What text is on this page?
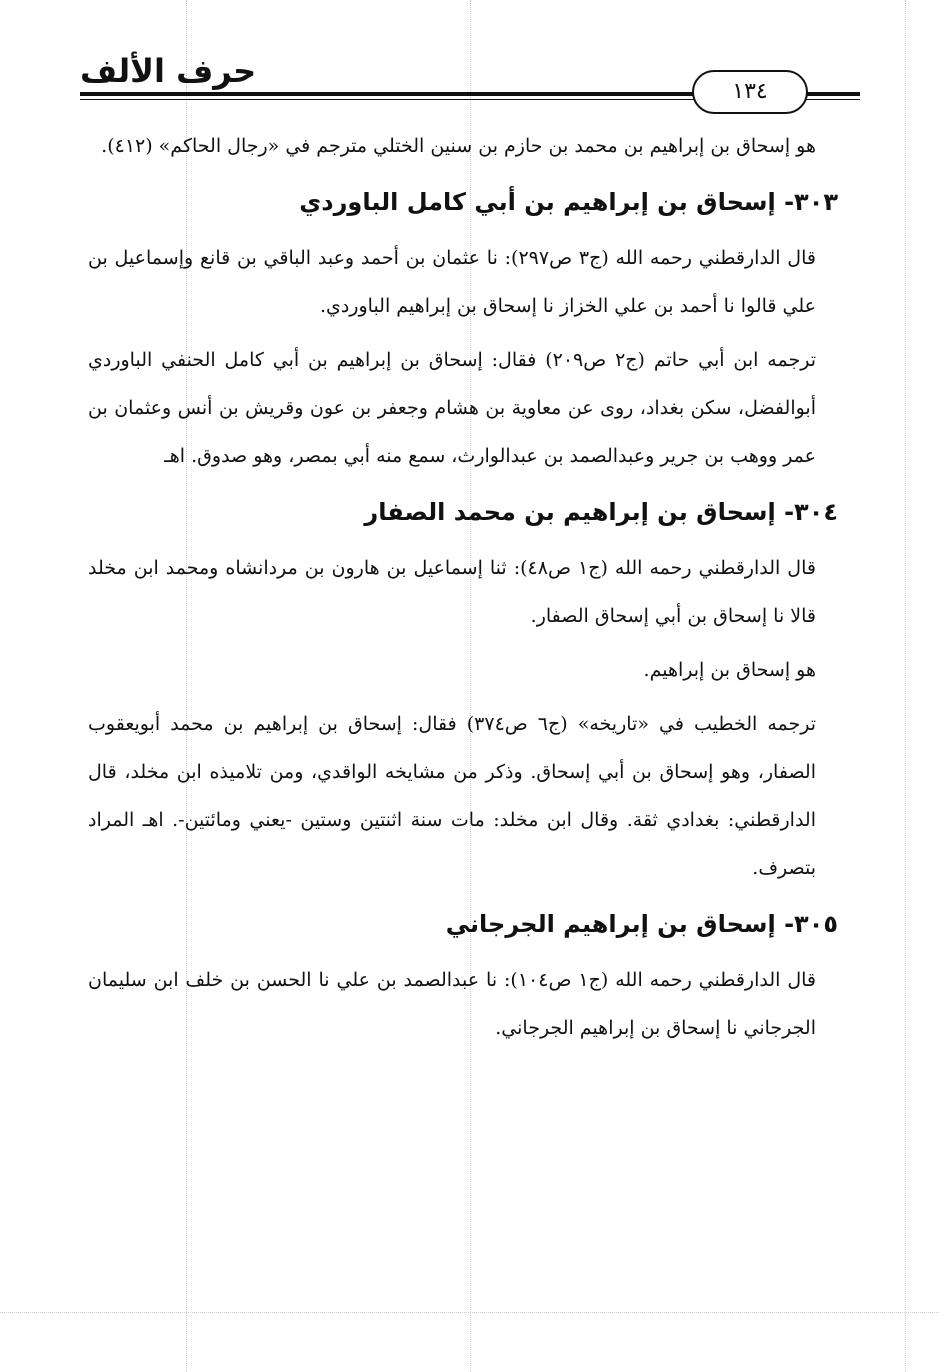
حرف الألف
١٣٤

هو إسحاق بن إبراهيم بن محمد بن حازم بن سنين الختلي مترجم في «رجال الحاكم» (٤١٢).

٣٠٣- إسحاق بن إبراهيم بن أبي كامل الباوردي

قال الدارقطني رحمه الله (ج٣ ص٢٩٧): نا عثمان بن أحمد وعبد الباقي بن قانع وإسماعيل بن علي قالوا نا أحمد بن علي الخزاز نا إسحاق بن إبراهيم الباوردي.

ترجمه ابن أبي حاتم (ج٢ ص٢٠٩) فقال: إسحاق بن إبراهيم بن أبي كامل الحنفي الباوردي أبوالفضل، سكن بغداد، روى عن معاوية بن هشام وجعفر بن عون وقريش بن أنس وعثمان بن عمر ووهب بن جرير وعبدالصمد بن عبدالوارث، سمع منه أبي بمصر، وهو صدوق. اهـ

٣٠٤- إسحاق بن إبراهيم بن محمد الصفار

قال الدارقطني رحمه الله (ج١ ص٤٨): ثنا إسماعيل بن هارون بن مردانشاه ومحمد ابن مخلد قالا نا إسحاق بن أبي إسحاق الصفار.

هو إسحاق بن إبراهيم.

ترجمه الخطيب في «تاريخه» (ج٦ ص٣٧٤) فقال: إسحاق بن إبراهيم بن محمد أبويعقوب الصفار، وهو إسحاق بن أبي إسحاق. وذكر من مشايخه الواقدي، ومن تلاميذه ابن مخلد، قال الدارقطني: بغدادي ثقة. وقال ابن مخلد: مات سنة اثنتين وستين -يعني ومائتين-. اهـ المراد بتصرف.

٣٠٥- إسحاق بن إبراهيم الجرجاني

قال الدارقطني رحمه الله (ج١ ص١٠٤): نا عبدالصمد بن علي نا الحسن بن خلف ابن سليمان الجرجاني نا إسحاق بن إبراهيم الجرجاني.
